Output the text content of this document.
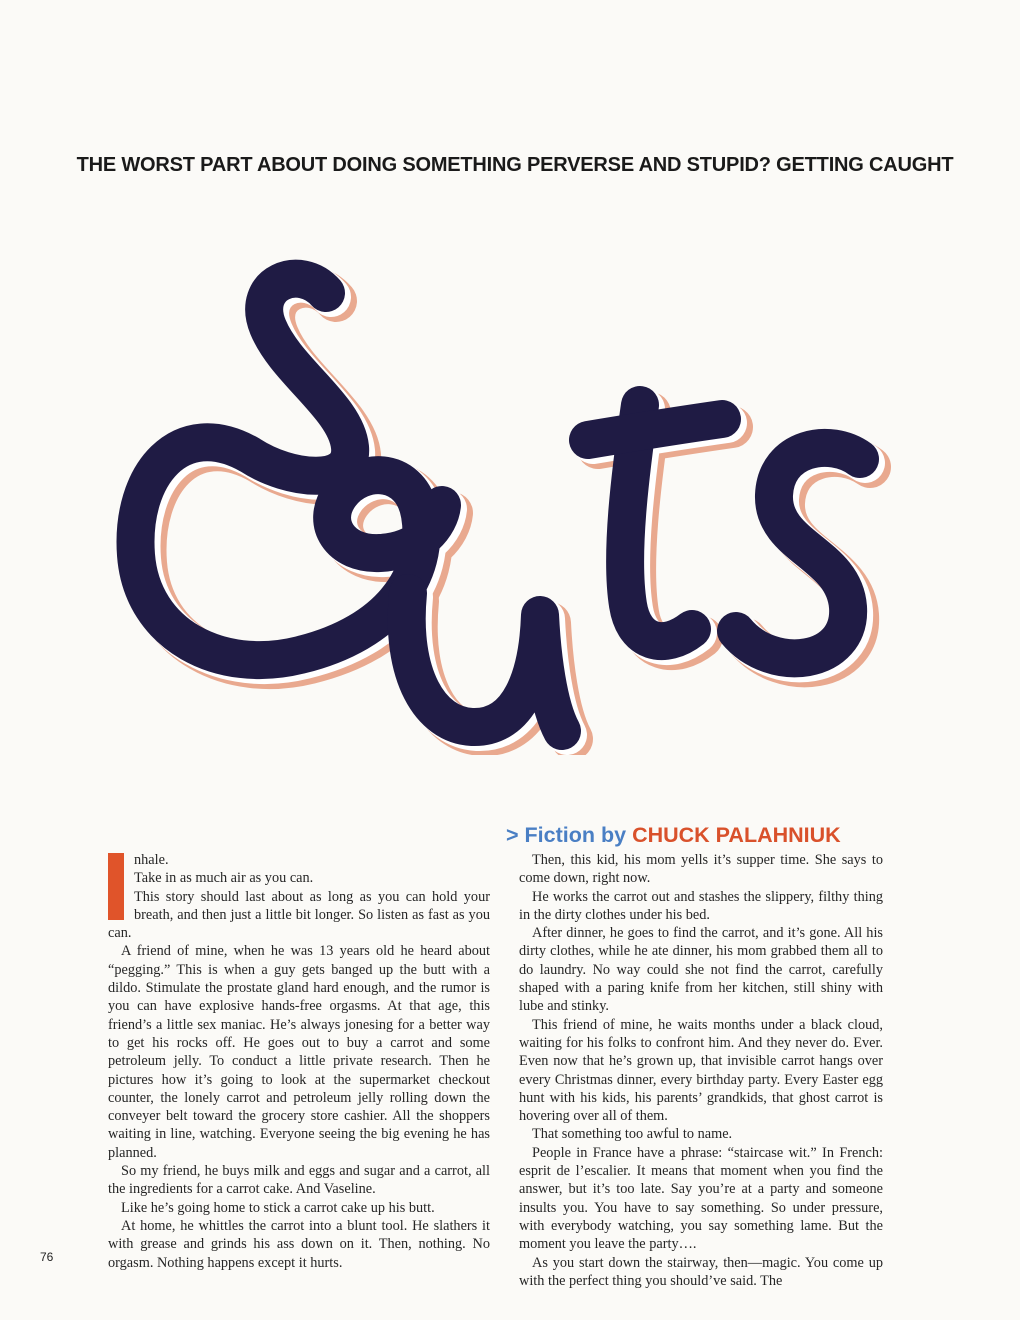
THE WORST PART ABOUT DOING SOMETHING PERVERSE AND STUPID? GETTING CAUGHT
> Fiction by CHUCK PALAHNIUK

nhale.

Take in as much air as you can.

This story should last about as long as you can hold your breath, and then just a little bit longer. So listen as fast as you can.

A friend of mine, when he was 13 years old he heard about “pegging.” This is when a guy gets banged up the butt with a dildo. Stimulate the prostate gland hard enough, and the rumor is you can have explosive hands-free orgasms. At that age, this friend’s a little sex maniac. He’s always jonesing for a better way to get his rocks off. He goes out to buy a carrot and some petroleum jelly. To conduct a little private research. Then he pictures how it’s going to look at the supermarket checkout counter, the lonely carrot and petroleum jelly rolling down the conveyer belt toward the grocery store cashier. All the shoppers waiting in line, watching. Everyone seeing the big evening he has planned.

So my friend, he buys milk and eggs and sugar and a carrot, all the ingredients for a carrot cake. And Vaseline.

Like he’s going home to stick a carrot cake up his butt.

At home, he whittles the carrot into a blunt tool. He slathers it with grease and grinds his ass down on it. Then, nothing. No orgasm. Nothing happens except it hurts.

Then, this kid, his mom yells it’s supper time. She says to come down, right now.

He works the carrot out and stashes the slippery, filthy thing in the dirty clothes under his bed.

After dinner, he goes to find the carrot, and it’s gone. All his dirty clothes, while he ate dinner, his mom grabbed them all to do laundry. No way could she not find the carrot, carefully shaped with a paring knife from her kitchen, still shiny with lube and stinky.

This friend of mine, he waits months under a black cloud, waiting for his folks to confront him. And they never do. Ever. Even now that he’s grown up, that invisible carrot hangs over every Christmas dinner, every birthday party. Every Easter egg hunt with his kids, his parents’ grandkids, that ghost carrot is hovering over all of them.

That something too awful to name.

People in France have a phrase: “staircase wit.” In French: esprit de l’escalier. It means that moment when you find the answer, but it’s too late. Say you’re at a party and someone insults you. You have to say something. So under pressure, with everybody watching, you say something lame. But the moment you leave the party….

As you start down the stairway, then—magic. You come up with the perfect thing you should’ve said. The

76
